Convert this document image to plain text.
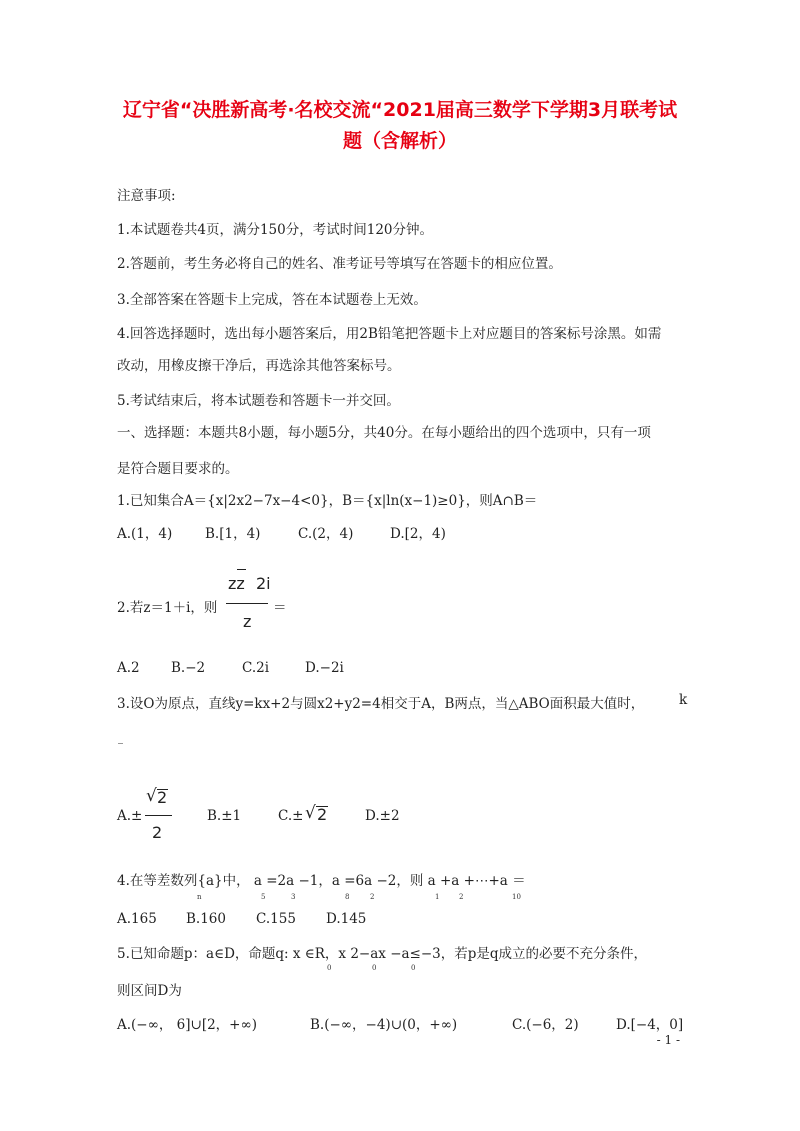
辽宁省“决胜新高考·名校交流“2021届高三数学下学期3月联考试
题（含解析）
注意事项:
1.本试题卷共4页，满分150分，考试时间120分钟。
2.答题前，考生务必将自己的姓名、准考证号等填写在答题卡的相应位置。
3.全部答案在答题卡上完成，答在本试题卷上无效。
4.回答选择题时，选出每小题答案后，用2B铅笔把答题卡上对应题目的答案标号涂黑。如需
改动，用橡皮擦干净后，再选涂其他答案标号。
5.考试结束后，将本试题卷和答题卡一并交回。
一、选择题：本题共8小题，每小题5分，共40分。在每小题给出的四个选项中，只有一项
是符合题目要求的。
1.已知集合A＝{x|2x2−7x−4<0}，B＝{x|ln(x−1)≥0}，则A∩B＝
A.(1，4) B.[1，4)	C.(2，4)	D.[2，4)
2.若z＝1＋i，则
zz 2i
z
＝
A.2 B.−2	C.2i	D.−2i
3.设O为原点，直线y=kx+2与圆x2+y2=4相交于A，B两点，当△ABO面积最大值时，	k
A.±
√ 2
2
B.±1	C.± √ 2	D.±2
4.在等差数列{a}中， a =2a −1，a =6a −2，则 a +a +⋯+a ＝
n	5	3	8	2	1	2	10
A.165 B.160 C.155 D.145
5.已知命题p：a∈D，命题q: x ∈R，x 2−ax −a≤−3，若p是q成立的必要不充分条件，
0	0	0
则区间D为
A.(−∞， 6]∪[2，+∞)	B.(−∞，−4)∪(0，+∞)	C.(−6，2)	D.[−4，0]
- 1 -
